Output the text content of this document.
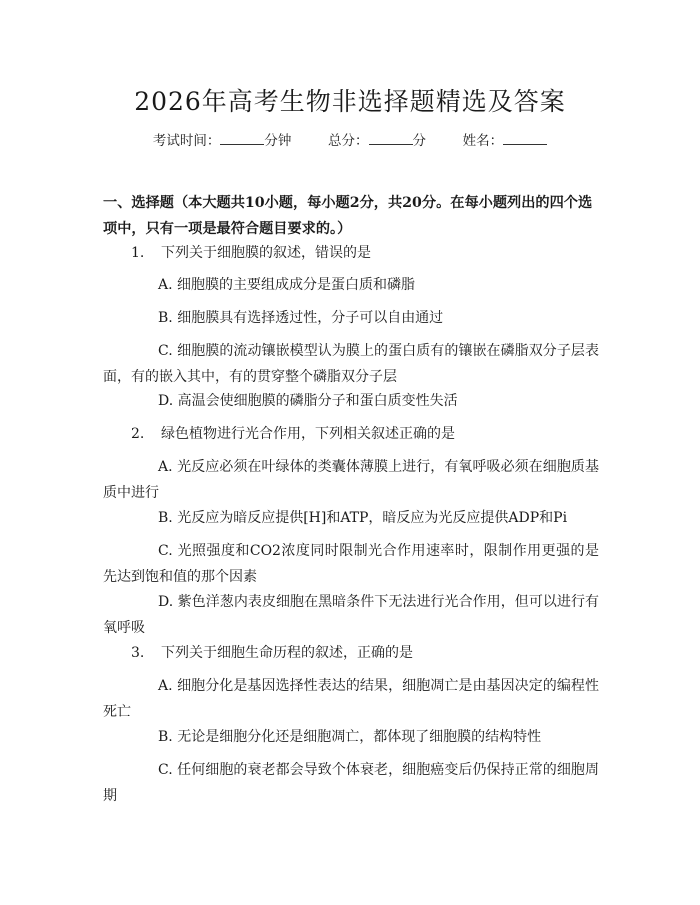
2026年高考生物非选择题精选及答案
考试时间：	分钟	总分：	分	姓名：
一、选择题（本大题共10小题，每小题2分，共20分。在每小题列出的四个选项中，只有一项是最符合题目要求的。）
1. 下列关于细胞膜的叙述，错误的是
A. 细胞膜的主要组成成分是蛋白质和磷脂
B. 细胞膜具有选择透过性，分子可以自由通过
C. 细胞膜的流动镶嵌模型认为膜上的蛋白质有的镶嵌在磷脂双分子层表面，有的嵌入其中，有的贯穿整个磷脂双分子层
D. 高温会使细胞膜的磷脂分子和蛋白质变性失活
2. 绿色植物进行光合作用，下列相关叙述正确的是
A. 光反应必须在叶绿体的类囊体薄膜上进行，有氧呼吸必须在细胞质基质中进行
B. 光反应为暗反应提供[H]和ATP，暗反应为光反应提供ADP和Pi
C. 光照强度和CO2浓度同时限制光合作用速率时，限制作用更强的是先达到饱和值的那个因素
D. 紫色洋葱内表皮细胞在黑暗条件下无法进行光合作用，但可以进行有氧呼吸
3. 下列关于细胞生命历程的叙述，正确的是
A. 细胞分化是基因选择性表达的结果，细胞凋亡是由基因决定的编程性死亡
B. 无论是细胞分化还是细胞凋亡，都体现了细胞膜的结构特性
C. 任何细胞的衰老都会导致个体衰老，细胞癌变后仍保持正常的细胞周期
